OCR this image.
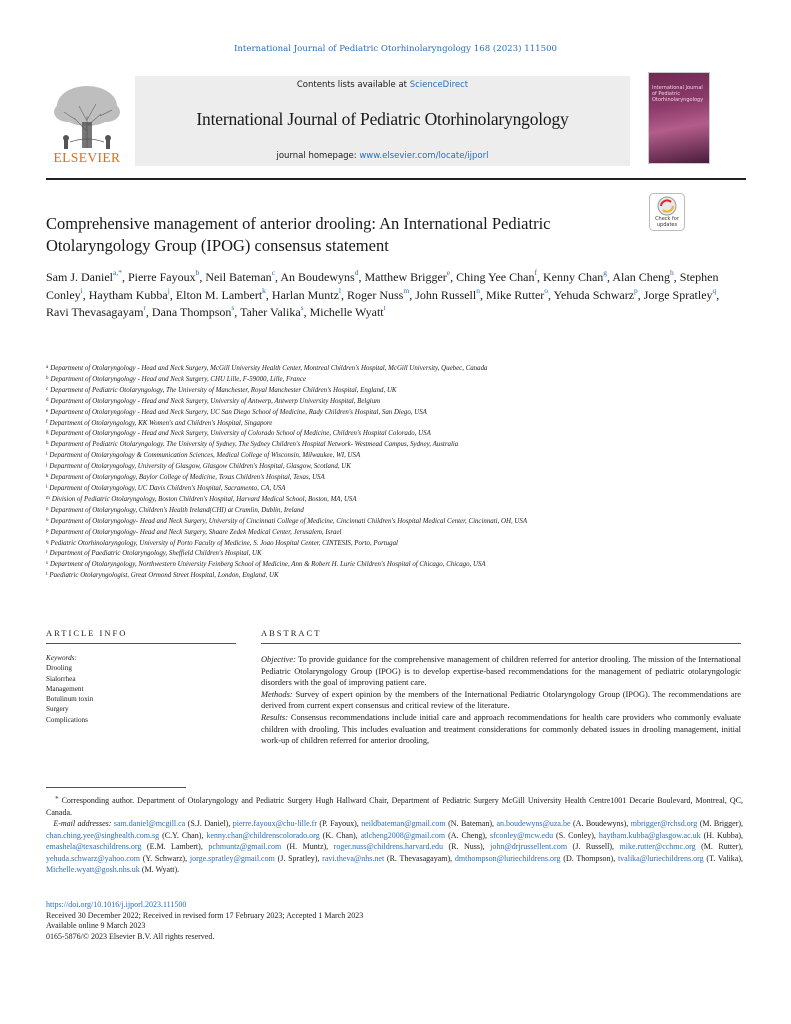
International Journal of Pediatric Otorhinolaryngology 168 (2023) 111500
ELSEVIER
Contents lists available at ScienceDirect
International Journal of Pediatric Otorhinolaryngology
journal homepage: www.elsevier.com/locate/ijporl
International Journal of Pediatric Otorhinolaryngology
Comprehensive management of anterior drooling: An International Pediatric Otolaryngology Group (IPOG) consensus statement
Check for
updates
Sam J. Daniel$^{a,*}$, Pierre Fayoux$^b$, Neil Bateman$^c$, An Boudewyns$^d$, Matthew Brigger$^e$, Ching Yee Chan$^f$, Kenny Chan$^g$, Alan Cheng$^h$, Stephen Conley$^i$, Haytham Kubba$^j$, Elton M. Lambert$^k$, Harlan Muntz$^l$, Roger Nuss$^m$, John Russell$^n$, Mike Rutter$^o$, Yehuda Schwarz$^p$, Jorge Spratley$^q$, Ravi Thevasagayam$^r$, Dana Thompson$^s$, Taher Valika$^s$, Michelle Wyatt$^t$
$^a$ Department of Otolaryngology - Head and Neck Surgery, McGill University Health Center, Montreal Children's Hospital, McGill University, Quebec, Canada
$^b$ Department of Otolaryngology - Head and Neck Surgery, CHU Lille, F-59000, Lille, France
$^c$ Department of Pediatric Otolaryngology, The University of Manchester, Royal Manchester Children's Hospital, England, UK
$^d$ Department of Otolaryngology - Head and Neck Surgery, University of Antwerp, Antwerp University Hospital, Belgium
$^e$ Department of Otolaryngology - Head and Neck Surgery, UC San Diego School of Medicine, Rady Children's Hospital, San Diego, USA
$^f$ Department of Otolaryngology, KK Women's and Children's Hospital, Singapore
$^g$ Department of Otolaryngology - Head and Neck Surgery, University of Colorado School of Medicine, Children's Hospital Colorado, USA
$^h$ Department of Pediatric Otolaryngology, The University of Sydney, The Sydney Children's Hospital Network- Westmead Campus, Sydney, Australia
$^i$ Department of Otolaryngology & Communication Sciences, Medical College of Wisconsin, Milwaukee, WI, USA
$^j$ Department of Otolaryngology, University of Glasgow, Glasgow Children's Hospital, Glasgow, Scotland, UK
$^k$ Department of Otolaryngology, Baylor College of Medicine, Texas Children's Hospital, Texas, USA
$^l$ Department of Otolaryngology, UC Davis Children's Hospital, Sacramento, CA, USA
$^m$ Division of Pediatric Otolaryngology, Boston Children's Hospital, Harvard Medical School, Boston, MA, USA
$^n$ Department of Otolaryngology, Children's Health Ireland(CHI) at Crumlin, Dublin, Ireland
$^o$ Department of Otolaryngology- Head and Neck Surgery, University of Cincinnati College of Medicine, Cincinnati Children's Hospital Medical Center, Cincinnati, OH, USA
$^p$ Department of Otolaryngology- Head and Neck Surgery, Shaare Zedek Medical Center, Jerusalem, Israel
$^q$ Pediatric Otorhinolaryngology, University of Porto Faculty of Medicine, S. Joao Hospital Center, CINTESIS, Porto, Portugal
$^r$ Department of Paediatric Otolaryngology, Sheffield Children's Hospital, UK
$^s$ Department of Otolaryngology, Northwestern University Feinberg School of Medicine, Ann & Robert H. Lurie Children's Hospital of Chicago, Chicago, USA
$^t$ Paediatric Otolaryngologist, Great Ormond Street Hospital, London, England, UK
ARTICLE INFO	ABSTRACT
Keywords:
Drooling
Sialorrhea
Management
Botulinum toxin
Surgery
Complications
Objective: To provide guidance for the comprehensive management of children referred for anterior drooling. The mission of the International Pediatric Otolaryngology Group (IPOG) is to develop expertise-based recommendations for the management of pediatric otolaryngologic disorders with the goal of improving patient care.
Methods: Survey of expert opinion by the members of the International Pediatric Otolaryngology Group (IPOG). The recommendations are derived from current expert consensus and critical review of the literature.
Results: Consensus recommendations include initial care and approach recommendations for health care providers who commonly evaluate children with drooling. This includes evaluation and treatment considerations for commonly debated issues in drooling management, initial work-up of children referred for anterior drooling,
* Corresponding author. Department of Otolaryngology and Pediatric Surgery Hugh Hallward Chair, Department of Pediatric Surgery McGill University Health Centre1001 Decarie Boulevard, Montreal, QC, Canada.
E-mail addresses: sam.daniel@mcgill.ca (S.J. Daniel), pierre.fayoux@chu-lille.fr (P. Fayoux), neildbateman@gmail.com (N. Bateman), an.boudewyns@uza.be (A. Boudewyns), mbrigger@rchsd.org (M. Brigger), chan.ching.yee@singhealth.com.sg (C.Y. Chan), kenny.chan@childrenscolorado.org (K. Chan), atlcheng2008@gmail.com (A. Cheng), sfconley@mcw.edu (S. Conley), haytham.kubba@glasgow.ac.uk (H. Kubba), emashela@texaschildrens.org (E.M. Lambert), pchmuntz@gmail.com (H. Muntz), roger.nuss@childrens.harvard.edu (R. Nuss), john@drjrussellent.com (J. Russell), mike.rutter@cchmc.org (M. Rutter), yehuda.schwarz@yahoo.com (Y. Schwarz), jorge.spratley@gmail.com (J. Spratley), ravi.theva@nhs.net (R. Thevasagayam), dmthompson@luriechildrens.org (D. Thompson), tvalika@luriechildrens.org (T. Valika), Michelle.wyatt@gosh.nhs.uk (M. Wyatt).
https://doi.org/10.1016/j.ijporl.2023.111500
Received 30 December 2022; Received in revised form 17 February 2023; Accepted 1 March 2023
Available online 9 March 2023
0165-5876/© 2023 Elsevier B.V. All rights reserved.
